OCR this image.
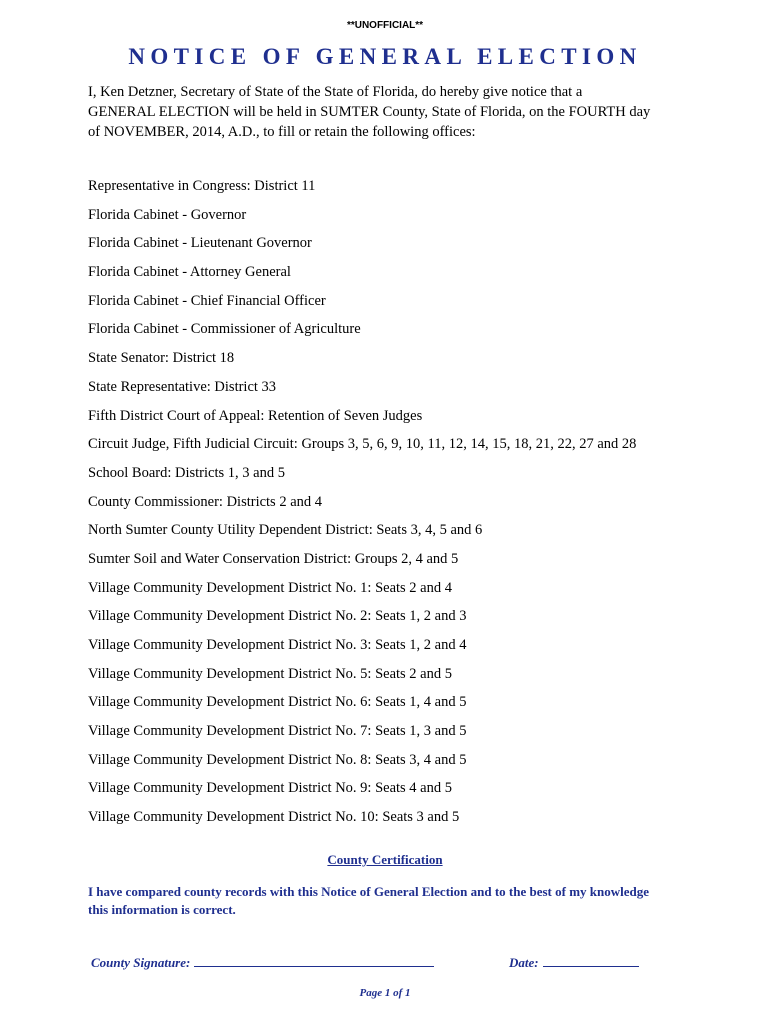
**UNOFFICIAL**
NOTICE OF GENERAL ELECTION
I, Ken Detzner, Secretary of State of the State of Florida, do hereby give notice that a
GENERAL ELECTION will be held in SUMTER County, State of Florida, on the FOURTH day
of NOVEMBER, 2014, A.D., to fill or retain the following offices:
Representative in Congress: District 11
Florida Cabinet - Governor
Florida Cabinet - Lieutenant Governor
Florida Cabinet - Attorney General
Florida Cabinet - Chief Financial Officer
Florida Cabinet - Commissioner of Agriculture
State Senator: District 18
State Representative: District 33
Fifth District Court of Appeal: Retention of Seven Judges
Circuit Judge, Fifth Judicial Circuit: Groups 3, 5, 6, 9, 10, 11, 12, 14, 15, 18, 21, 22, 27 and 28
School Board: Districts 1, 3 and 5
County Commissioner: Districts 2 and 4
North Sumter County Utility Dependent District: Seats 3, 4, 5 and 6
Sumter Soil and Water Conservation District: Groups 2, 4 and 5
Village Community Development District No. 1: Seats 2 and 4
Village Community Development District No. 2: Seats 1, 2 and 3
Village Community Development District No. 3: Seats 1, 2 and 4
Village Community Development District No. 5: Seats 2 and 5
Village Community Development District No. 6: Seats 1, 4 and 5
Village Community Development District No. 7: Seats 1, 3 and 5
Village Community Development District No. 8: Seats 3, 4 and 5
Village Community Development District No. 9: Seats 4 and 5
Village Community Development District No. 10: Seats 3 and 5
County Certification
I have compared county records with this Notice of General Election and to the best of my knowledge
this information is correct.
County Signature:	Date:
Page 1 of 1
